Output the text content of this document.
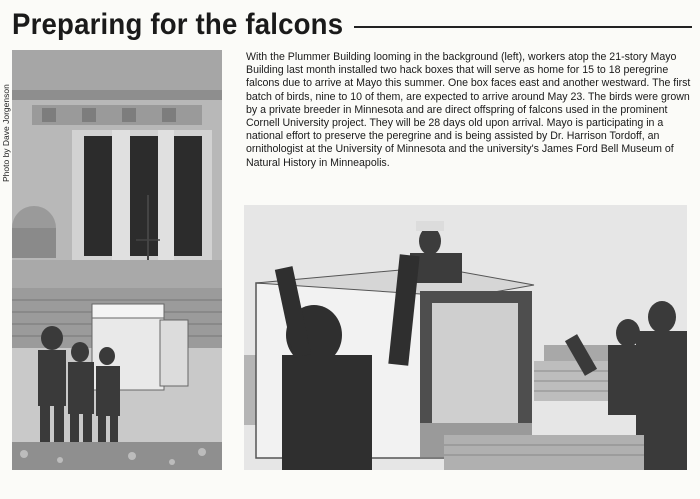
Preparing for the falcons
Photo by Dave Jorgenson

With the Plummer Building looming in the background (left), workers atop the 21-story Mayo Building last month installed two hack boxes that will serve as home for 15 to 18 peregrine falcons due to arrive at Mayo this summer. One box faces east and another westward. The first batch of birds, nine to 10 of them, are expected to arrive around May 23. The birds were grown by a private breeder in Minnesota and are direct offspring of falcons used in the prominent Cornell University project. They will be 28 days old upon arrival. Mayo is participating in a national effort to preserve the peregrine and is being assisted by Dr. Harrison Tordoff, an ornithologist at the University of Minnesota and the university's James Ford Bell Museum of Natural History in Minneapolis.
